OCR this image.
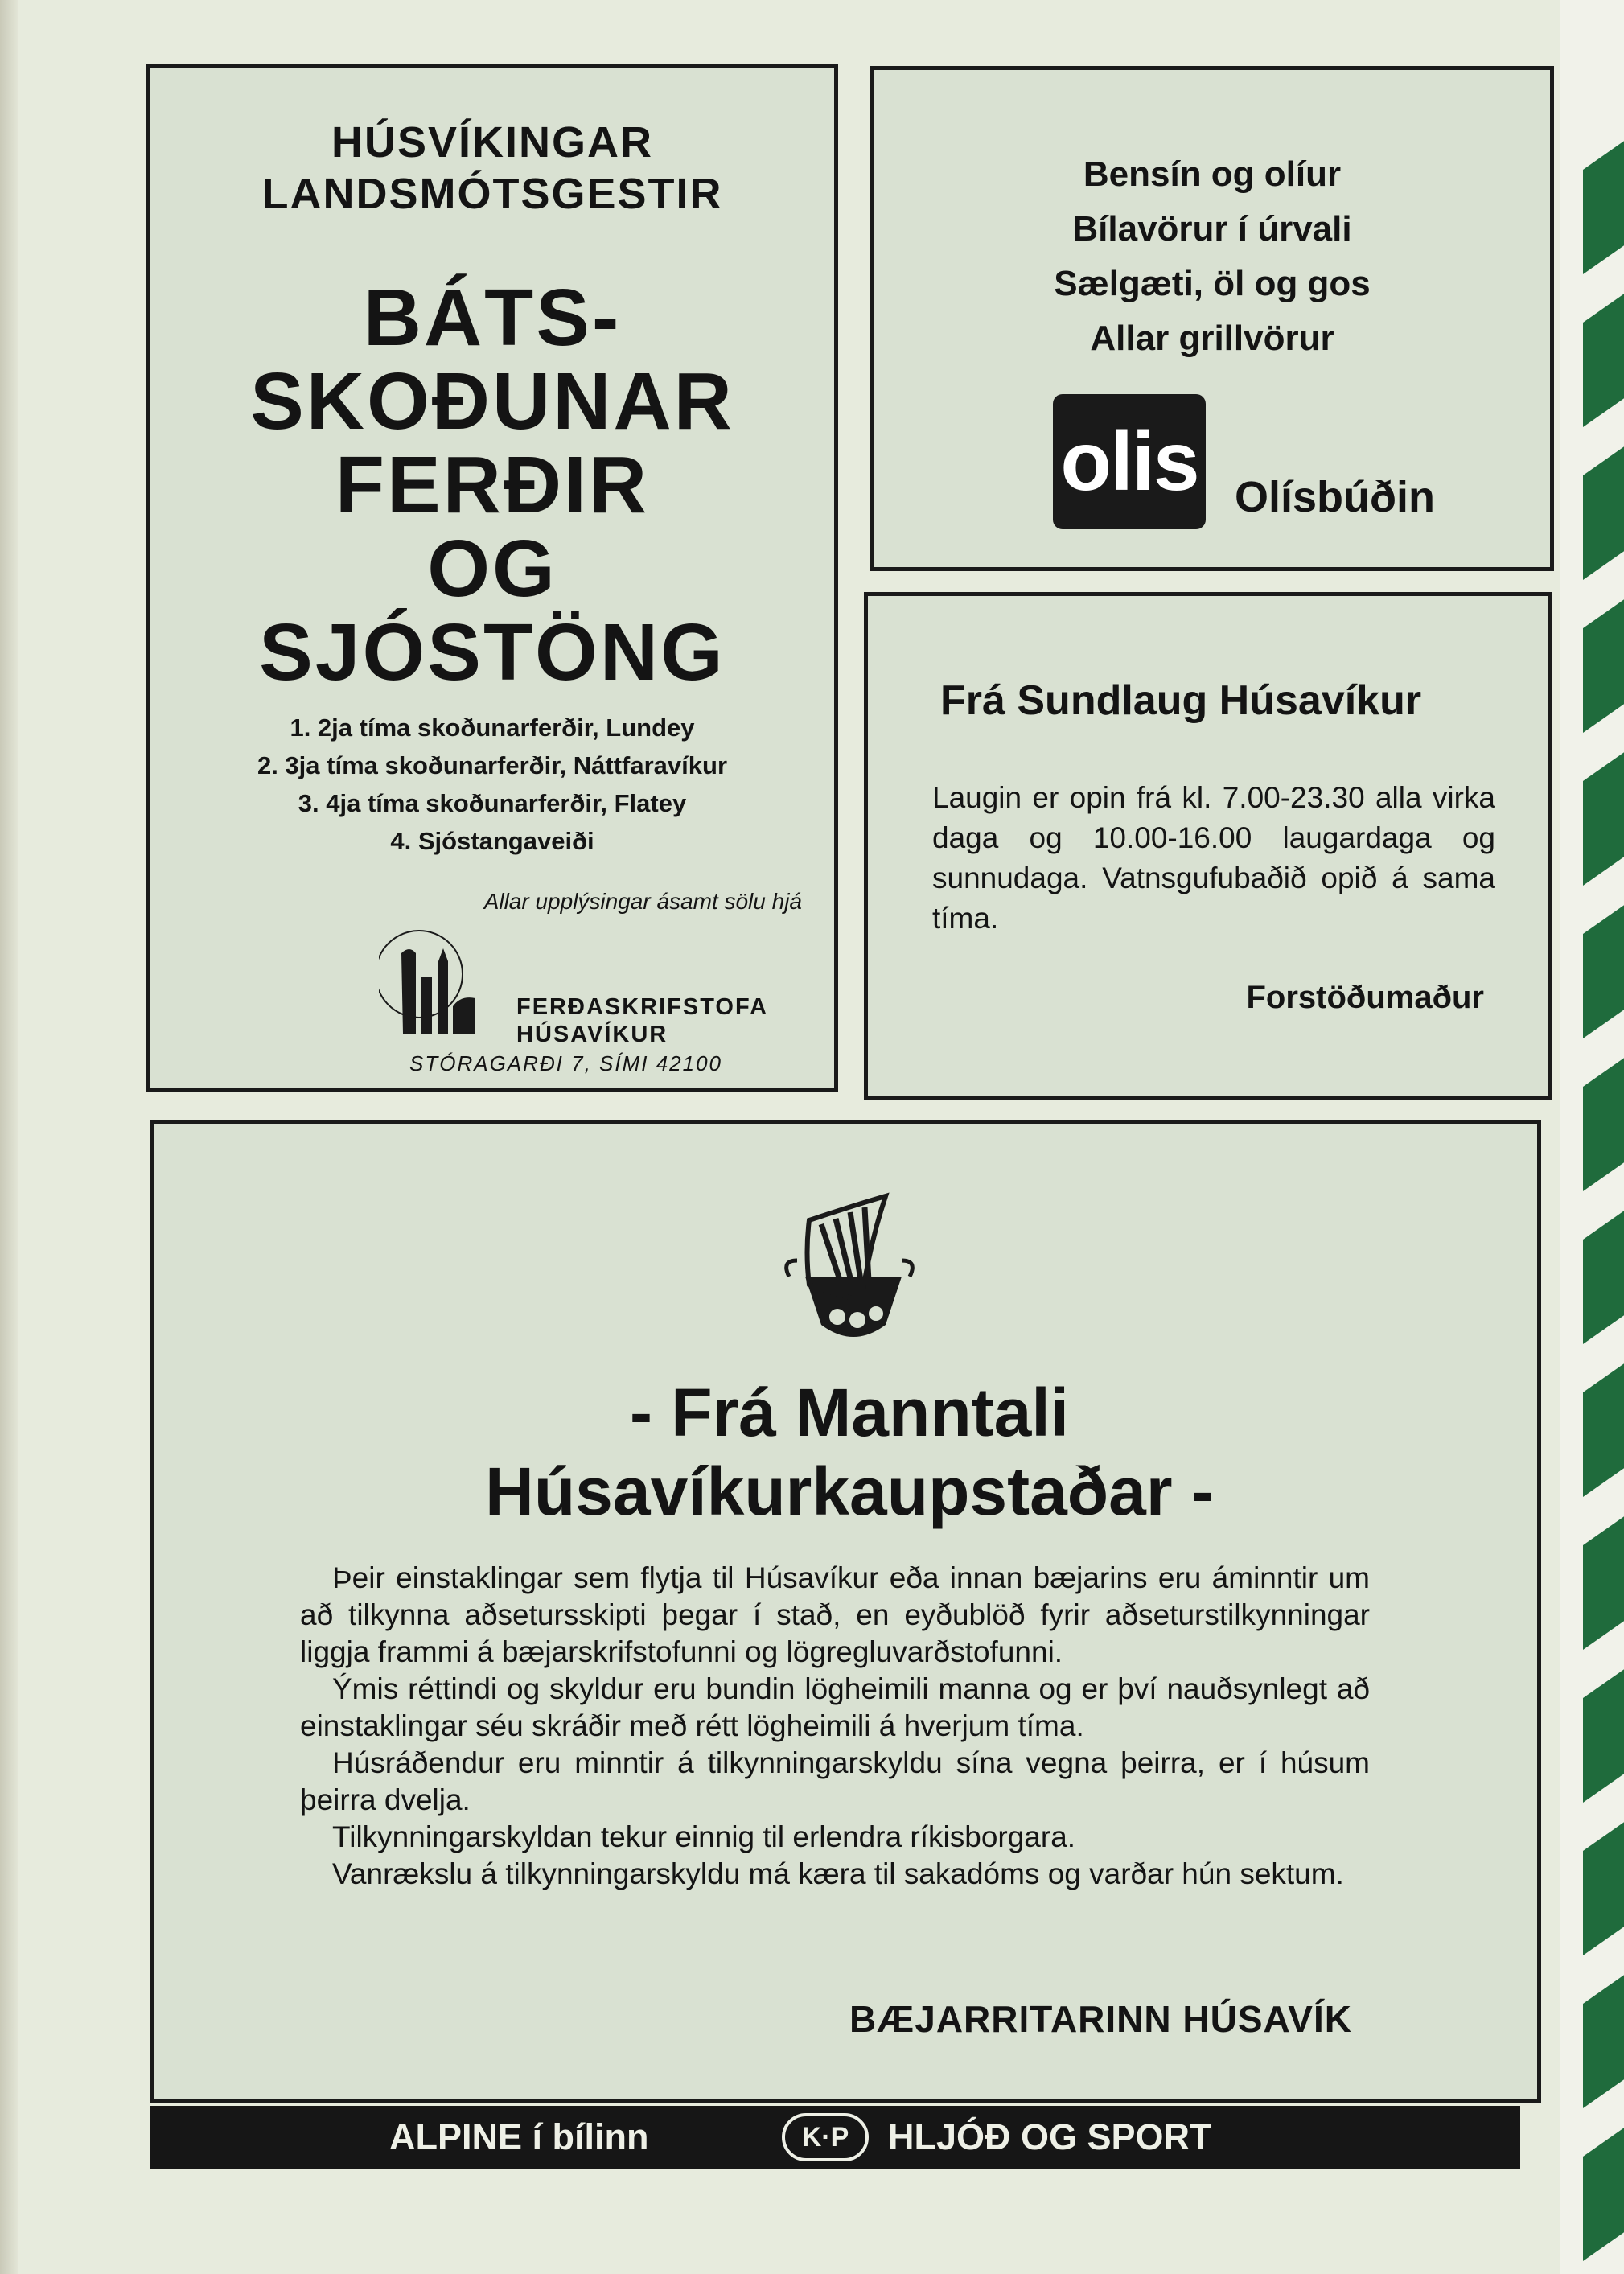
HÚSVÍKINGAR
LANDSMÓTSGESTIR
BÁTS-
SKOÐUNAR
FERÐIR
OG
SJÓSTÖNG
1. 2ja tíma skoðunarferðir, Lundey
2. 3ja tíma skoðunarferðir, Náttfaravíkur
3. 4ja tíma skoðunarferðir, Flatey
4. Sjóstangaveiði
Allar upplýsingar ásamt sölu hjá
FERÐASKRIFSTOFA
HÚSAVÍKUR
STÓRAGARÐI 7, SÍMI 42100
Bensín og olíur
Bílavörur í úrvali
Sælgæti, öl og gos
Allar grillvörur
olis Olísbúðin
Frá Sundlaug Húsavíkur
Laugin er opin frá kl. 7.00-23.30 alla virka daga og 10.00-16.00 laugardaga og sunnudaga. Vatnsgufubaðið opið á sama tíma.
Forstöðumaður
- Frá Manntali
Húsavíkurkaupstaðar -

Þeir einstaklingar sem flytja til Húsavíkur eða innan bæjarins eru áminntir um að tilkynna aðsetursskipti þegar í stað, en eyðublöð fyrir aðseturstilkynningar liggja frammi á bæjarskrifstofunni og lögregluvarðstofunni.

Ýmis réttindi og skyldur eru bundin lögheimili manna og er því nauðsynlegt að einstaklingar séu skráðir með rétt lögheimili á hverjum tíma.

Húsráðendur eru minntir á tilkynningarskyldu sína vegna þeirra, er í húsum þeirra dvelja.

Tilkynningarskyldan tekur einnig til erlendra ríkisborgara.

Vanrækslu á tilkynningarskyldu má kæra til sakadóms og varðar hún sektum.

BÆJARRITARINN HÚSAVÍK
ALPINE í bílinn	K·P	HLJÓÐ OG SPORT
